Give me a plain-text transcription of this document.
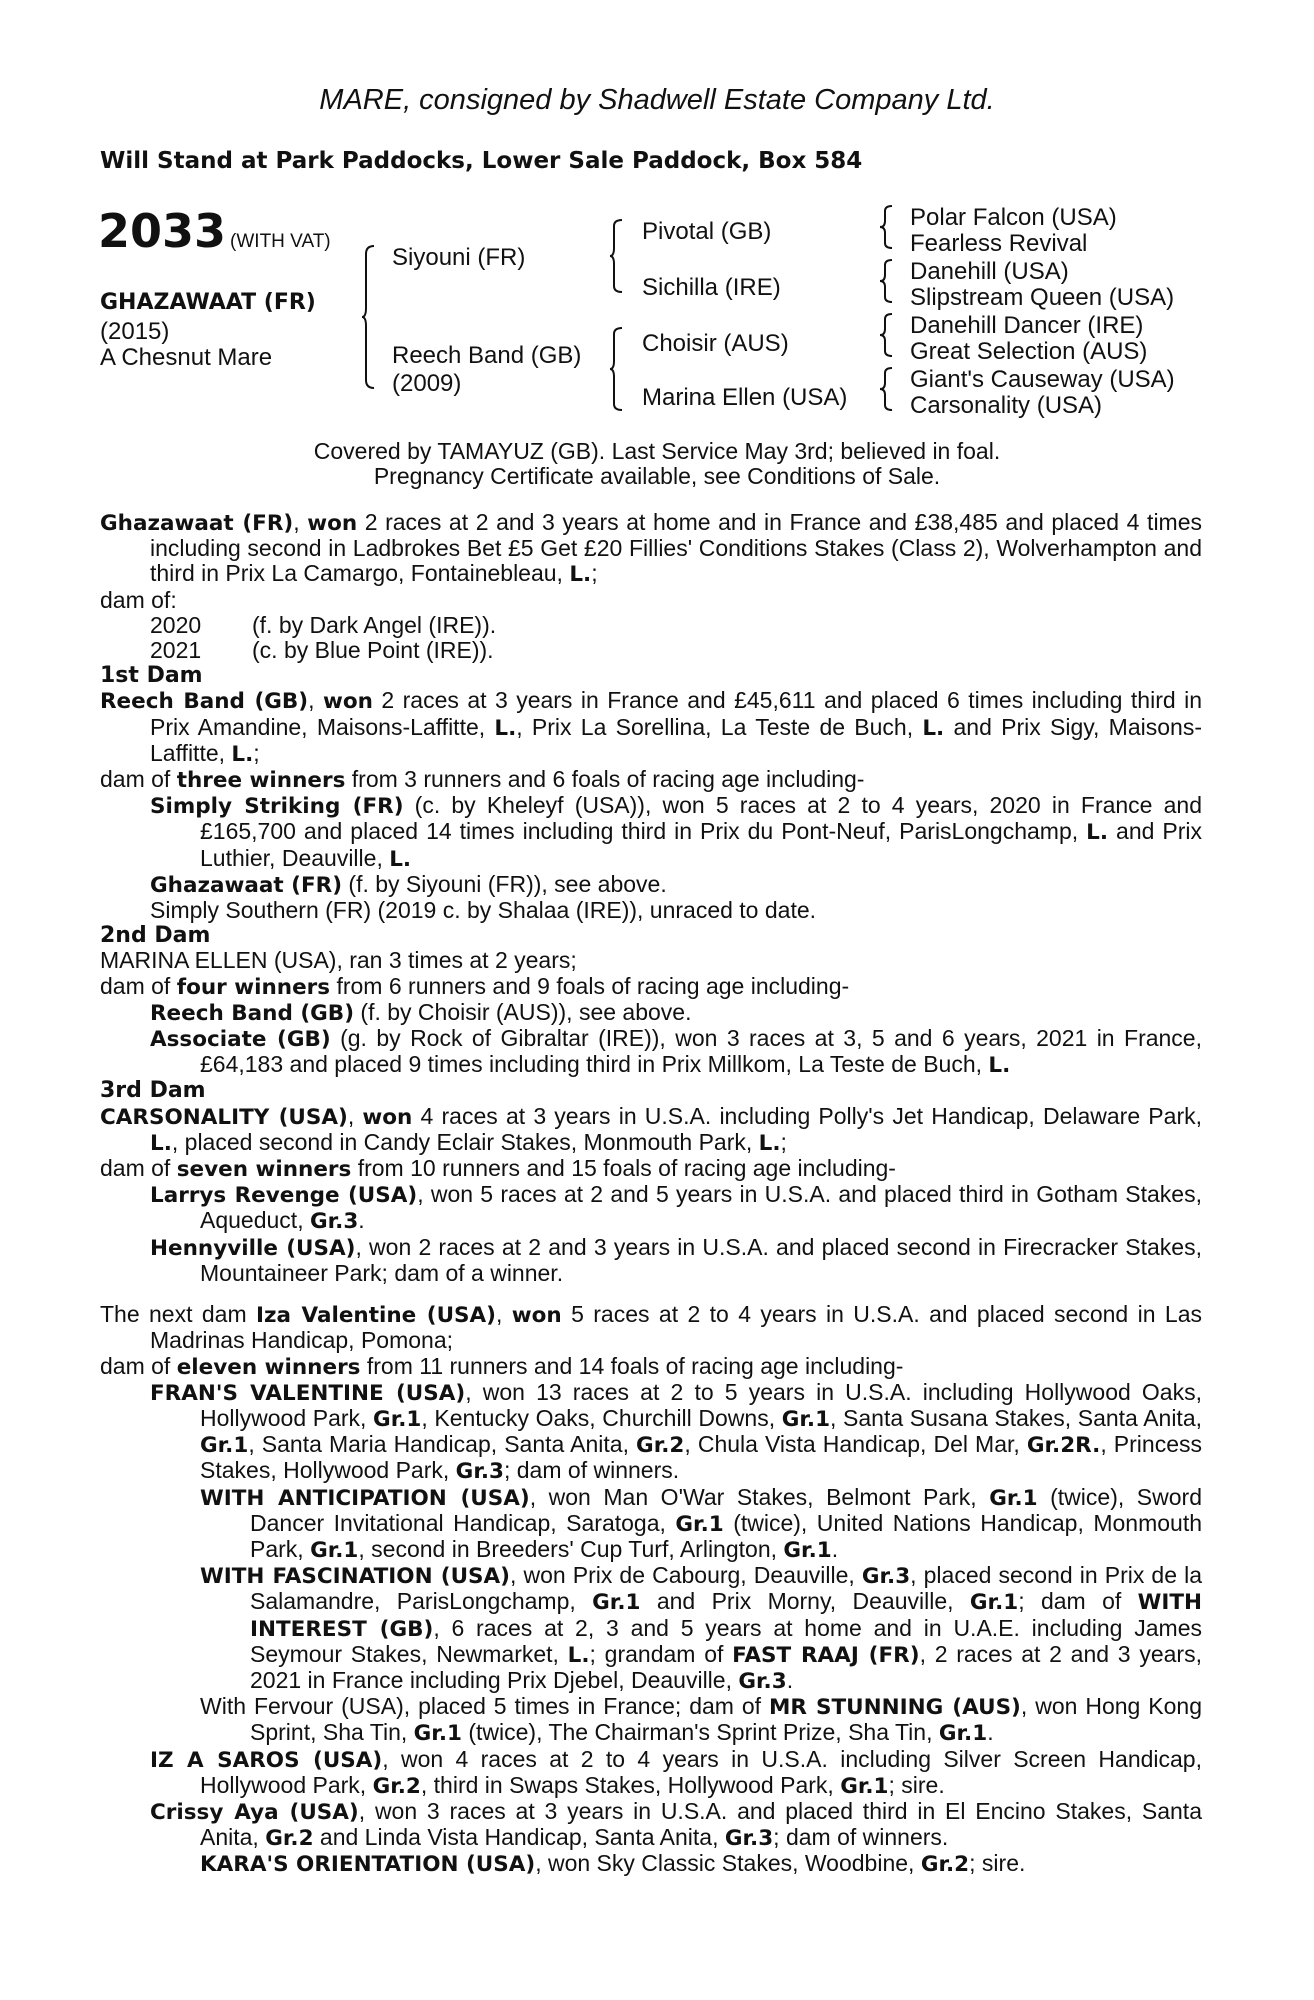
MARE, consigned by Shadwell Estate Company Ltd.
Will Stand at Park Paddocks, Lower Sale Paddock, Box 584
2033 (WITH VAT)
GHAZAWAAT (FR)
(2015)
A Chesnut Mare
Siyouni (FR)
Reech Band (GB)
(2009)
Pivotal (GB)
Sichilla (IRE)
Choisir (AUS)
Marina Ellen (USA)
Polar Falcon (USA)
Fearless Revival
Danehill (USA)
Slipstream Queen (USA)
Danehill Dancer (IRE)
Great Selection (AUS)
Giant's Causeway (USA)
Carsonality (USA)
Covered by TAMAYUZ (GB). Last Service May 3rd; believed in foal.
Pregnancy Certificate available, see Conditions of Sale.

Ghazawaat (FR), won 2 races at 2 and 3 years at home and in France and £38,485 and placed 4 times including second in Ladbrokes Bet £5 Get £20 Fillies' Conditions Stakes (Class 2), Wolverhampton and third in Prix La Camargo, Fontainebleau, L.;

dam of:

2020 (f. by Dark Angel (IRE)).

2021 (c. by Blue Point (IRE)).

1st Dam

Reech Band (GB), won 2 races at 3 years in France and £45,611 and placed 6 times including third in Prix Amandine, Maisons-Laffitte, L., Prix La Sorellina, La Teste de Buch, L. and Prix Sigy, Maisons-Laffitte, L.;

dam of three winners from 3 runners and 6 foals of racing age including-

Simply Striking (FR) (c. by Kheleyf (USA)), won 5 races at 2 to 4 years, 2020 in France and £165,700 and placed 14 times including third in Prix du Pont-Neuf, ParisLongchamp, L. and Prix Luthier, Deauville, L.

Ghazawaat (FR) (f. by Siyouni (FR)), see above.

Simply Southern (FR) (2019 c. by Shalaa (IRE)), unraced to date.

2nd Dam

MARINA ELLEN (USA), ran 3 times at 2 years;

dam of four winners from 6 runners and 9 foals of racing age including-

Reech Band (GB) (f. by Choisir (AUS)), see above.

Associate (GB) (g. by Rock of Gibraltar (IRE)), won 3 races at 3, 5 and 6 years, 2021 in France, £64,183 and placed 9 times including third in Prix Millkom, La Teste de Buch, L.

3rd Dam

CARSONALITY (USA), won 4 races at 3 years in U.S.A. including Polly's Jet Handicap, Delaware Park, L., placed second in Candy Eclair Stakes, Monmouth Park, L.;

dam of seven winners from 10 runners and 15 foals of racing age including-

Larrys Revenge (USA), won 5 races at 2 and 5 years in U.S.A. and placed third in Gotham Stakes, Aqueduct, Gr.3.

Hennyville (USA), won 2 races at 2 and 3 years in U.S.A. and placed second in Firecracker Stakes, Mountaineer Park; dam of a winner.

The next dam Iza Valentine (USA), won 5 races at 2 to 4 years in U.S.A. and placed second in Las Madrinas Handicap, Pomona;

dam of eleven winners from 11 runners and 14 foals of racing age including-

FRAN'S VALENTINE (USA), won 13 races at 2 to 5 years in U.S.A. including Hollywood Oaks, Hollywood Park, Gr.1, Kentucky Oaks, Churchill Downs, Gr.1, Santa Susana Stakes, Santa Anita, Gr.1, Santa Maria Handicap, Santa Anita, Gr.2, Chula Vista Handicap, Del Mar, Gr.2R., Princess Stakes, Hollywood Park, Gr.3; dam of winners.

WITH ANTICIPATION (USA), won Man O'War Stakes, Belmont Park, Gr.1 (twice), Sword Dancer Invitational Handicap, Saratoga, Gr.1 (twice), United Nations Handicap, Monmouth Park, Gr.1, second in Breeders' Cup Turf, Arlington, Gr.1.

WITH FASCINATION (USA), won Prix de Cabourg, Deauville, Gr.3, placed second in Prix de la Salamandre, ParisLongchamp, Gr.1 and Prix Morny, Deauville, Gr.1; dam of WITH INTEREST (GB), 6 races at 2, 3 and 5 years at home and in U.A.E. including James Seymour Stakes, Newmarket, L.; grandam of FAST RAAJ (FR), 2 races at 2 and 3 years, 2021 in France including Prix Djebel, Deauville, Gr.3.

With Fervour (USA), placed 5 times in France; dam of MR STUNNING (AUS), won Hong Kong Sprint, Sha Tin, Gr.1 (twice), The Chairman's Sprint Prize, Sha Tin, Gr.1.

IZ A SAROS (USA), won 4 races at 2 to 4 years in U.S.A. including Silver Screen Handicap, Hollywood Park, Gr.2, third in Swaps Stakes, Hollywood Park, Gr.1; sire.

Crissy Aya (USA), won 3 races at 3 years in U.S.A. and placed third in El Encino Stakes, Santa Anita, Gr.2 and Linda Vista Handicap, Santa Anita, Gr.3; dam of winners.

KARA'S ORIENTATION (USA), won Sky Classic Stakes, Woodbine, Gr.2; sire.
